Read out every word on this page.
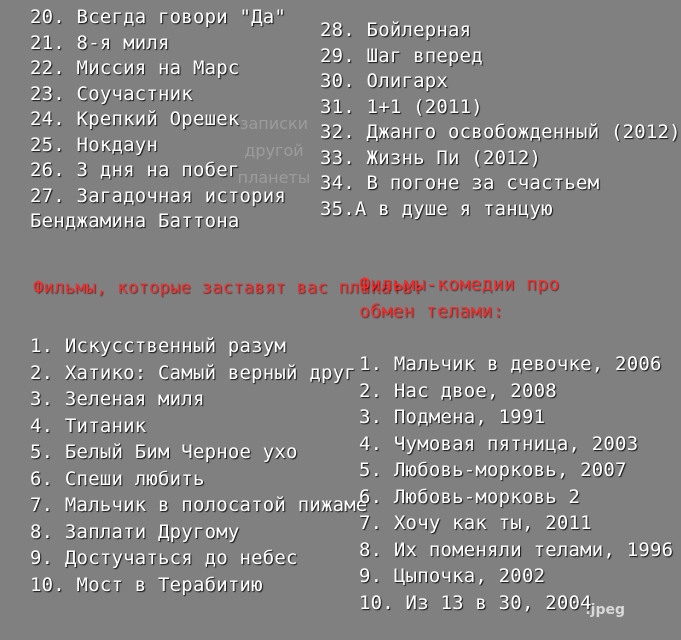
20. Всегда говори "Да"
21. 8-я миля
22. Миссия на Марс
23. Соучастник
24. Крепкий Орешек
25. Нокдаун
26. 3 дня на побег
27. Загадочная история
Бенджамина Баттона
28. Бойлерная
29. Шаг вперед
30. Олигарх
31. 1+1 (2011)
32. Джанго освобожденный (2012)
33. Жизнь Пи (2012)
34. В погоне за счастьем
35.А в душе я танцую
записки
другой
планеты
Фильмы, которые заставят вас плакать:
Фильмы-комедии про
обмен телами:
1. Искусственный разум
2. Хатико: Самый верный друг
3. Зеленая миля
4. Титаник
5. Белый Бим Черное ухо
6. Спеши любить
7. Мальчик в полосатой пижаме
8. Заплати Другому
9. Достучаться до небес
10. Мост в Терабитию
1. Мальчик в девочке, 2006
2. Нас двое, 2008
3. Подмена, 1991
4. Чумовая пятница, 2003
5. Любовь-морковь, 2007
6. Любовь-морковь 2
7. Хочу как ты, 2011
8. Их поменяли телами, 1996
9. Цыпочка, 2002
10. Из 13 в 30, 2004
.jpeg
